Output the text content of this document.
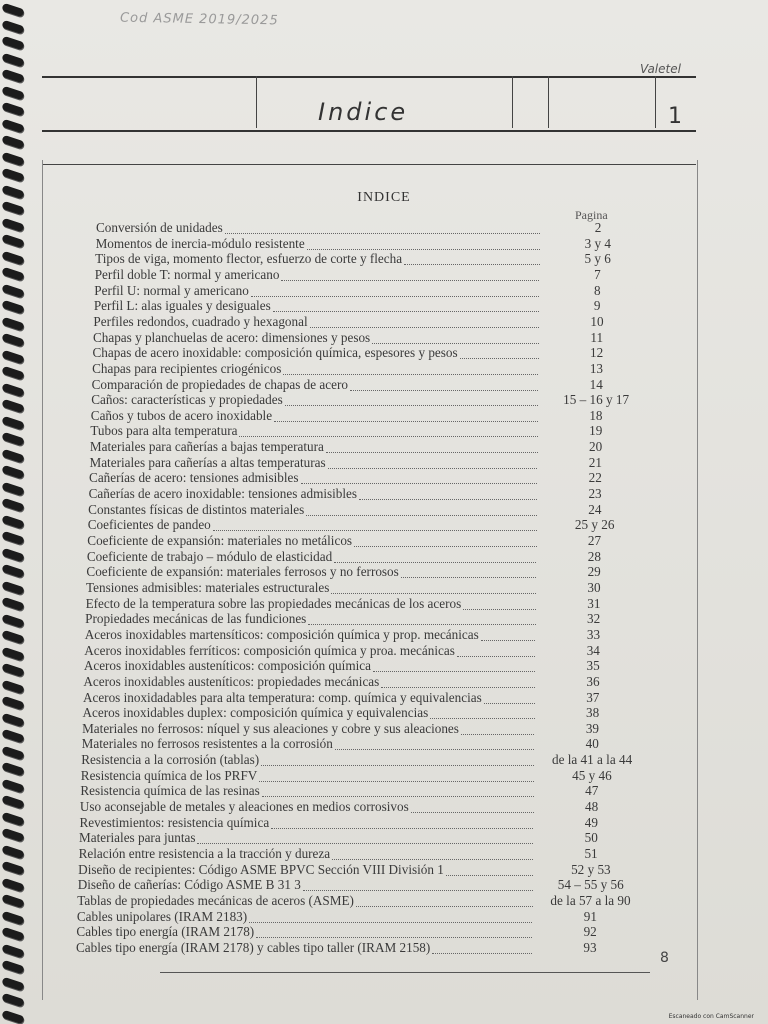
Cod ASME 2019/2025
Valetel
Indice	1
INDICE
Pagina
Conversión de unidades	2
Momentos de inercia-módulo resistente	3 y 4
Tipos de viga, momento flector, esfuerzo de corte y flecha	5 y 6
Perfil doble T: normal y americano	7
Perfil U: normal y americano	8
Perfil L: alas iguales y desiguales	9
Perfiles redondos, cuadrado y hexagonal	10
Chapas y planchuelas de acero: dimensiones y pesos	11
Chapas de acero inoxidable: composición química, espesores y pesos	12
Chapas para recipientes criogénicos	13
Comparación de propiedades de chapas de acero	14
Caños: características y propiedades	15 – 16 y 17
Caños y tubos de acero inoxidable	18
Tubos para alta temperatura	19
Materiales para cañerías a bajas temperatura	20
Materiales para cañerías a altas temperaturas	21
Cañerías de acero: tensiones admisibles	22
Cañerías de acero inoxidable: tensiones admisibles	23
Constantes físicas de distintos materiales	24
Coeficientes de pandeo	25 y 26
Coeficiente de expansión: materiales no metálicos	27
Coeficiente de trabajo – módulo de elasticidad	28
Coeficiente de expansión: materiales ferrosos y no ferrosos	29
Tensiones admisibles: materiales estructurales	30
Efecto de la temperatura sobre las propiedades mecánicas de los aceros	31
Propiedades mecánicas de las fundiciones	32
Aceros inoxidables martensíticos: composición química y prop. mecánicas	33
Aceros inoxidables ferríticos: composición química y proa. mecánicas	34
Aceros inoxidables austeníticos: composición química	35
Aceros inoxidables austeníticos: propiedades mecánicas	36
Aceros inoxidadables para alta temperatura: comp. química y equivalencias	37
Aceros inoxidables duplex: composición química y equivalencias	38
Materiales no ferrosos: níquel y sus aleaciones y cobre y sus aleaciones	39
Materiales no ferrosos resistentes a la corrosión	40
Resistencia a la corrosión (tablas)	de la 41 a la 44
Resistencia química de los PRFV	45 y 46
Resistencia química de las resinas	47
Uso aconsejable de metales y aleaciones en medios corrosivos	48
Revestimientos: resistencia química	49
Materiales para juntas	50
Relación entre resistencia a la tracción y dureza	51
Diseño de recipientes: Código ASME BPVC Sección VIII División 1	52 y 53
Diseño de cañerías: Código ASME B 31 3	54 – 55 y 56
Tablas de propiedades mecánicas de aceros (ASME)	de la 57 a la 90
Cables unipolares (IRAM 2183)	91
Cables tipo energía (IRAM 2178)	92
Cables tipo energía (IRAM 2178) y cables tipo taller (IRAM 2158)	93
8
Escaneado con CamScanner
